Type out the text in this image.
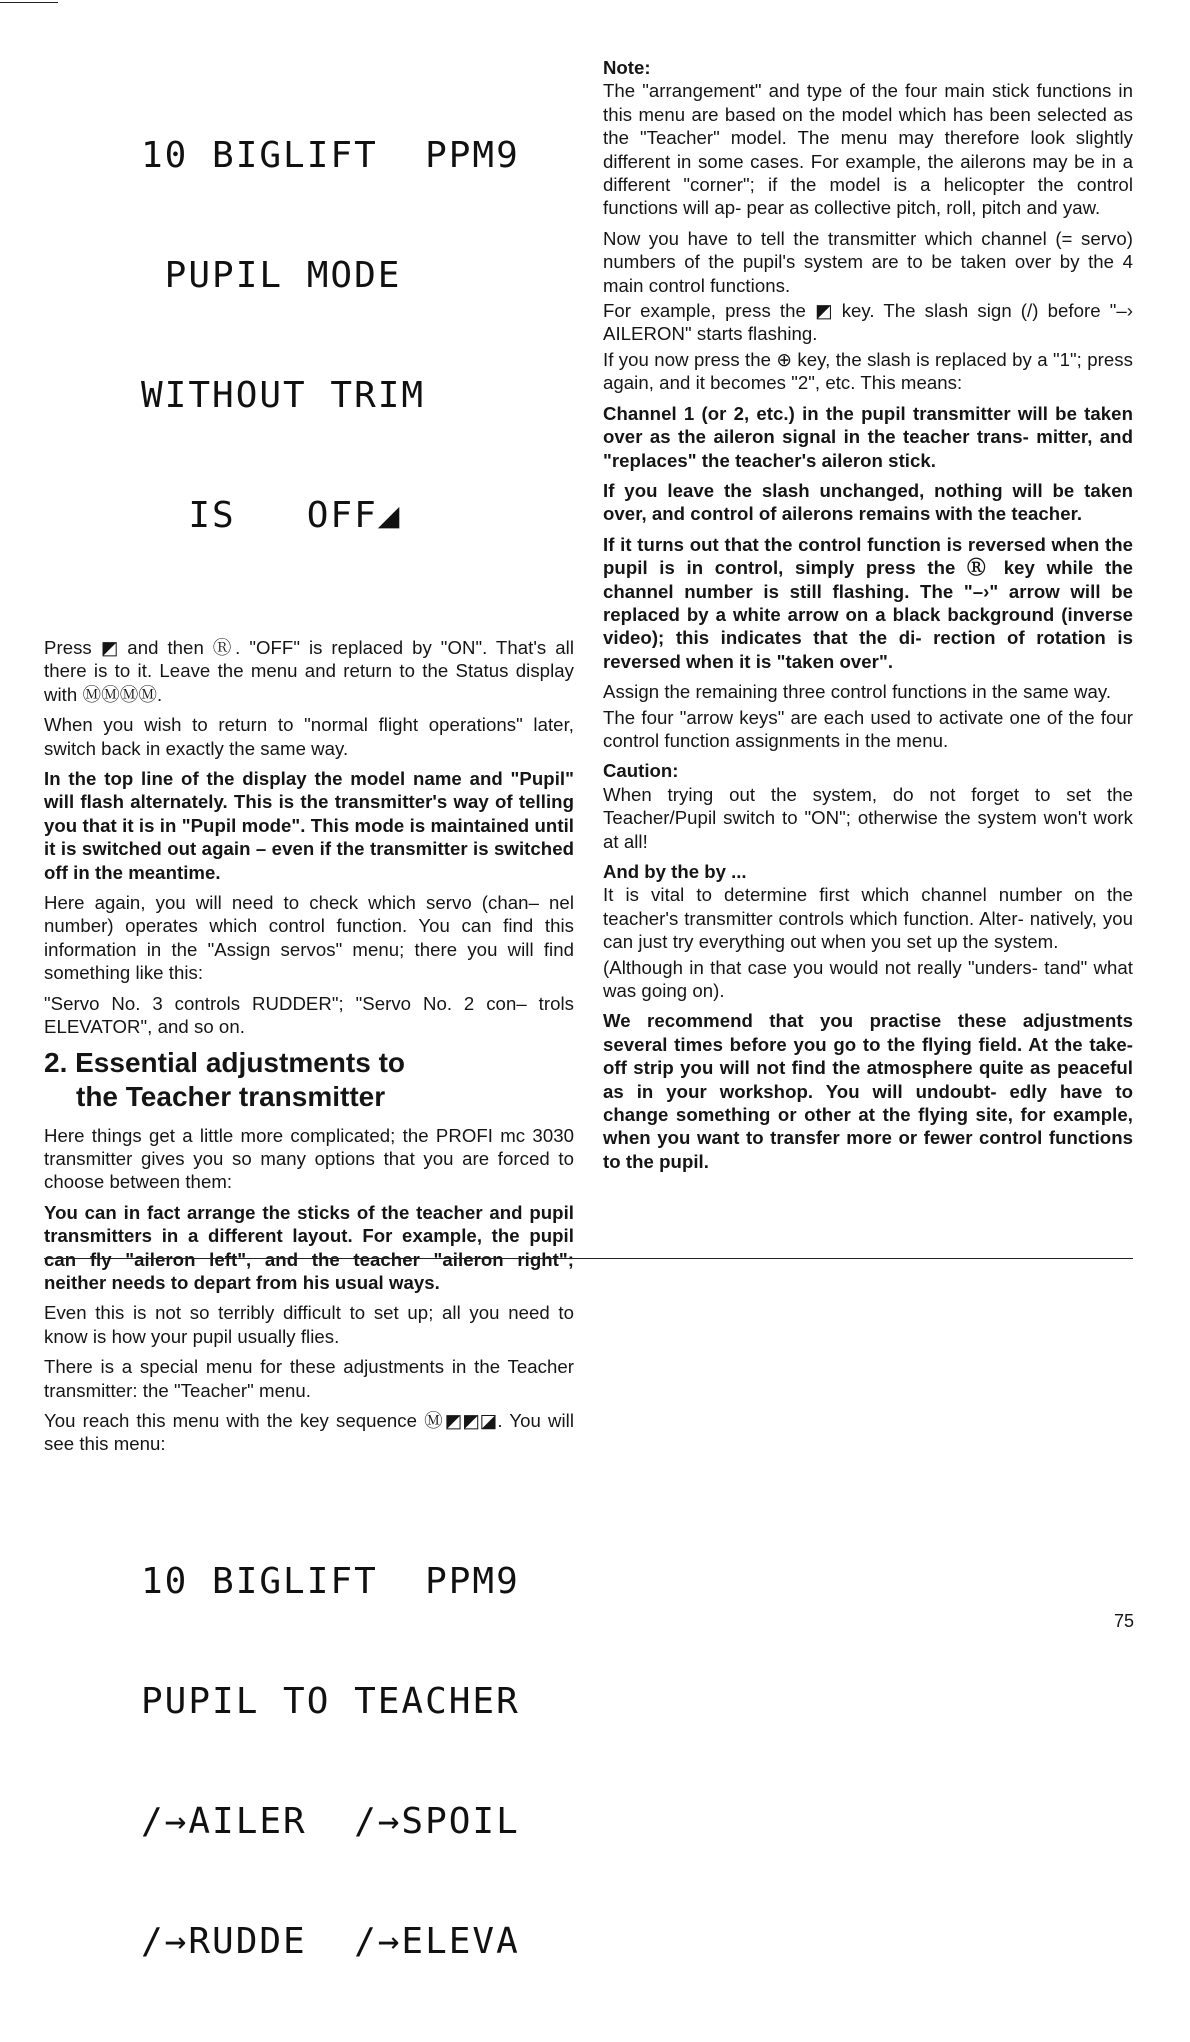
10 BIGLIFT  PPM9

PUPIL MODE

WITHOUT TRIM

IS   OFF◢

Press ◩ and then Ⓡ. "OFF" is replaced by "ON". That's all there is to it. Leave the menu and return to the Status display with ⓂⓂⓂⓂ.

When you wish to return to "normal flight operations" later, switch back in exactly the same way.

In the top line of the display the model name and "Pupil" will flash alternately. This is the transmitter's way of telling you that it is in "Pupil mode". This mode is maintained until it is switched out again – even if the transmitter is switched off in the meantime.

Here again, you will need to check which servo (chan– nel number) operates which control function. You can find this information in the "Assign servos" menu; there you will find something like this:

"Servo No. 3 controls RUDDER"; "Servo No. 2 con– trols ELEVATOR", and so on.

2. Essential adjustments to
the Teacher transmitter

Here things get a little more complicated; the PROFI mc 3030 transmitter gives you so many options that you are forced to choose between them:

You can in fact arrange the sticks of the teacher and pupil transmitters in a different layout. For example, the pupil can fly "aileron left", and the teacher "aileron right"; neither needs to depart from his usual ways.

Even this is not so terribly difficult to set up; all you need to know is how your pupil usually flies.

There is a special menu for these adjustments in the Teacher transmitter: the "Teacher" menu.

You reach this menu with the key sequence Ⓜ◩◩◪. You will see this menu:

10 BIGLIFT  PPM9

PUPIL TO TEACHER

/→AILER  /→SPOIL

/→RUDDE  /→ELEVA

Note:

The "arrangement" and type of the four main stick functions in this menu are based on the model which has been selected as the "Teacher" model. The menu may therefore look slightly different in some cases. For example, the ailerons may be in a different "corner"; if the model is a helicopter the control functions will ap- pear as collective pitch, roll, pitch and yaw.

Now you have to tell the transmitter which channel (= servo) numbers of the pupil's system are to be taken over by the 4 main control functions.

For example, press the ◩ key. The slash sign (/) before "–› AILERON" starts flashing.

If you now press the ⊕ key, the slash is replaced by a "1"; press again, and it becomes "2", etc. This means:

Channel 1 (or 2, etc.) in the pupil transmitter will be taken over as the aileron signal in the teacher trans- mitter, and "replaces" the teacher's aileron stick.

If you leave the slash unchanged, nothing will be taken over, and control of ailerons remains with the teacher.

If it turns out that the control function is reversed when the pupil is in control, simply press the Ⓡ key while the channel number is still flashing. The "–›" arrow will be replaced by a white arrow on a black background (inverse video); this indicates that the di- rection of rotation is reversed when it is "taken over".

Assign the remaining three control functions in the same way.

The four "arrow keys" are each used to activate one of the four control function assignments in the menu.

Caution:

When trying out the system, do not forget to set the Teacher/Pupil switch to "ON"; otherwise the system won't work at all!

And by the by ...

It is vital to determine first which channel number on the teacher's transmitter controls which function. Alter- natively, you can just try everything out when you set up the system.

(Although in that case you would not really "unders- tand" what was going on).

We recommend that you practise these adjustments several times before you go to the flying field. At the take-off strip you will not find the atmosphere quite as peaceful as in your workshop. You will undoubt- edly have to change something or other at the flying site, for example, when you want to transfer more or fewer control functions to the pupil.

75
